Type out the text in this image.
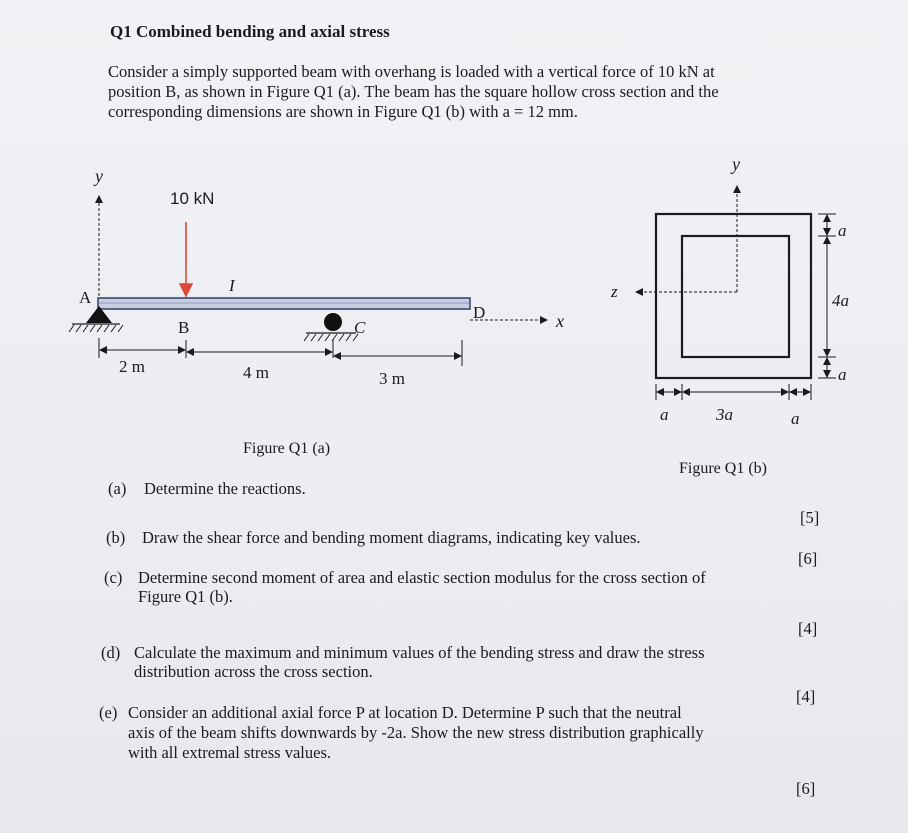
Q1 Combined bending and axial stress
Consider a simply supported beam with overhang is loaded with a vertical force of 10 kN at
position B, as shown in Figure Q1 (a). The beam has the square hollow cross section and the
corresponding dimensions are shown in Figure Q1 (b) with a = 12 mm.
y
A
10 kN
B
I
C
D	x
2 m	4 m	3 m
Figure Q1 (a)
y
z
a
4a
a
a	3a	a
Figure Q1 (b)
(a) Determine the reactions.
[5]
(b) Draw the shear force and bending moment diagrams, indicating key values.
[6]
(c) Determine second moment of area and elastic section modulus for the cross section of
Figure Q1 (b).
[4]
(d) Calculate the maximum and minimum values of the bending stress and draw the stress
distribution across the cross section.
[4]
(e) Consider an additional axial force P at location D. Determine P such that the neutral
axis of the beam shifts downwards by -2a. Show the new stress distribution graphically
with all extremal stress values.
[6]
